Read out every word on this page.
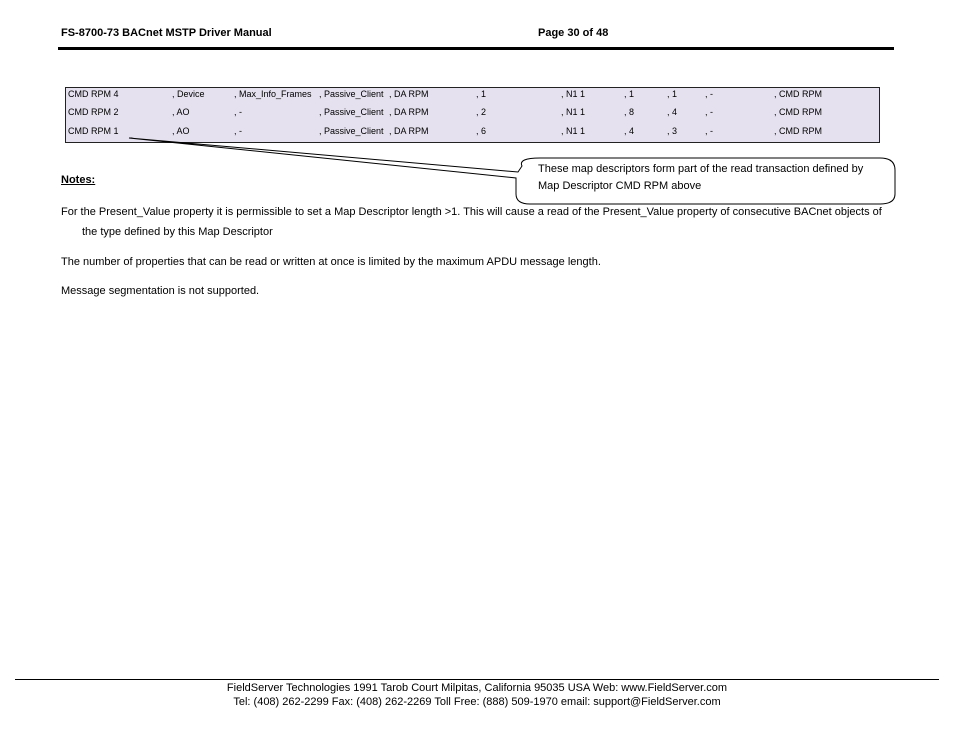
FS-8700-73 BACnet MSTP Driver Manual	Page 30 of 48
CMD RPM 4	, Device	, Max_Info_Frames , Passive_Client , DA RPM	, 1	, N1 1	, 1	, 1	, -	, CMD RPM
CMD RPM 2	, AO	, -	, Passive_Client , DA RPM	, 2	, N1 1	, 8	, 4	, -	, CMD RPM
CMD RPM 1	, AO	, -	, Passive_Client , DA RPM	, 6	, N1 1	, 4	, 3	, -	, CMD RPM
These map descriptors form part of the read transaction defined by
Map Descriptor CMD RPM above
Notes:
For the Present_Value property it is permissible to set a Map Descriptor length >1. This will cause a read of the Present_Value property of consecutive BACnet objects of
the type defined by this Map Descriptor
The number of properties that can be read or written at once is limited by the maximum APDU message length.
Message segmentation is not supported.
FieldServer Technologies 1991 Tarob Court Milpitas, California 95035 USA Web: www.FieldServer.com
Tel: (408) 262-2299 Fax: (408) 262-2269 Toll Free: (888) 509-1970 email: support@FieldServer.com
